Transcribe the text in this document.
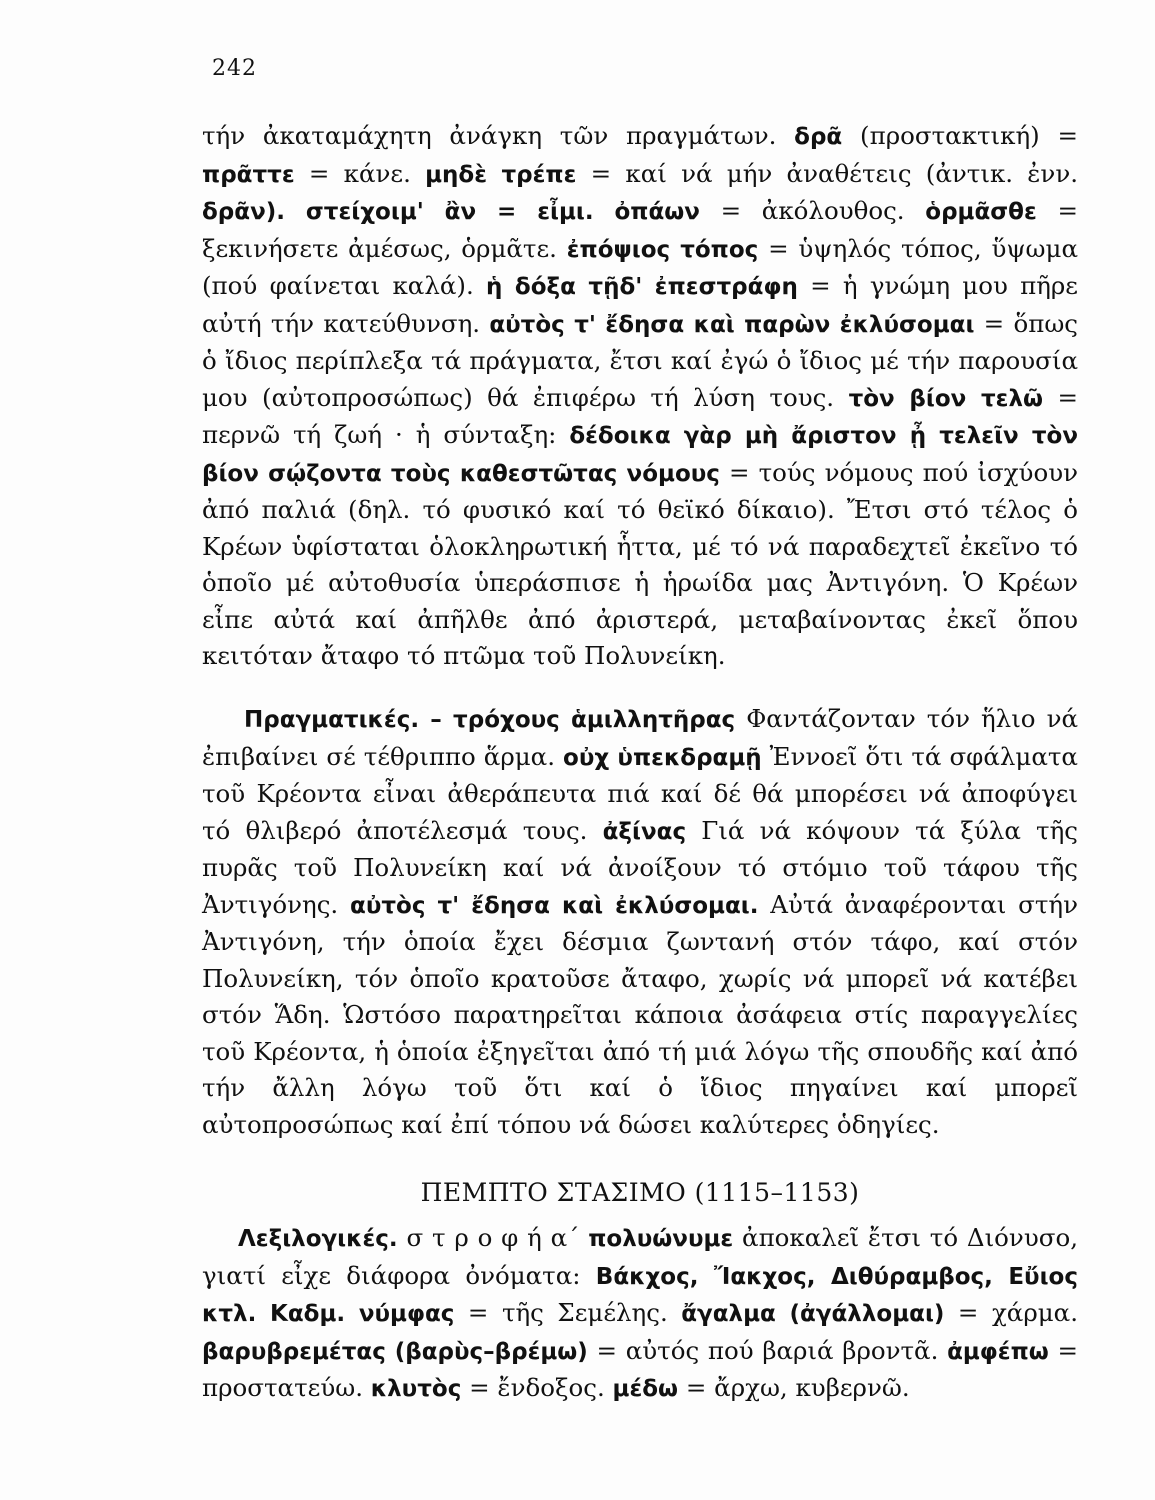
242
τήν ἀκαταμάχητη ἀνάγκη τῶν πραγμάτων. δρᾶ (προστακτική) = πρᾶττε = κάνε. μηδὲ τρέπε = καί νά μήν ἀναθέτεις (ἀντικ. ἐνν. δρᾶν). στείχοιμ' ἂν = εἶμι. ὀπάων = ἀκόλουθος. ὁρμᾶσθε = ξεκινήσετε ἀμέσως, ὁρμᾶτε. ἐπόψιος τόπος = ὑψηλός τόπος, ὕψωμα (πού φαίνεται καλά). ἡ δόξα τῇδ' ἐπεστράφη = ἡ γνώμη μου πῆρε αὐτή τήν κατεύθυνση. αὐτὸς τ' ἔδησα καὶ παρὼν ἐκλύσομαι = ὅπως ὁ ἴδιος περίπλεξα τά πράγματα, ἔτσι καί ἐγώ ὁ ἴδιος μέ τήν παρουσία μου (αὐτοπροσώπως) θά ἐπιφέρω τή λύση τους. τὸν βίον τελῶ = περνῶ τή ζωή · ἡ σύνταξη: δέδοικα γὰρ μὴ ἄριστον ᾖ τελεῖν τὸν βίον σῴζοντα τοὺς καθεστῶτας νόμους = τούς νόμους πού ἰσχύουν ἀπό παλιά (δηλ. τό φυσικό καί τό θεϊκό δίκαιο). Ἔτσι στό τέλος ὁ Κρέων ὑφίσταται ὁλοκληρωτική ἧττα, μέ τό νά παραδεχτεῖ ἐκεῖνο τό ὁποῖο μέ αὐτοθυσία ὑπεράσπισε ἡ ἡρωίδα μας Ἀντιγόνη. Ὁ Κρέων εἶπε αὐτά καί ἀπῆλθε ἀπό ἀριστερά, μεταβαίνοντας ἐκεῖ ὅπου κειτόταν ἄταφο τό πτῶμα τοῦ Πολυνείκη.
Πραγματικές. – τρόχους ἁμιλλητῆρας Φαντάζονταν τόν ἥλιο νά ἐπιβαίνει σέ τέθριππο ἅρμα. οὐχ ὑπεκδραμῇ Ἐννοεῖ ὅτι τά σφάλματα τοῦ Κρέοντα εἶναι ἀθεράπευτα πιά καί δέ θά μπορέσει νά ἀποφύγει τό θλιβερό ἀποτέλεσμά τους. ἀξίνας Γιά νά κόψουν τά ξύλα τῆς πυρᾶς τοῦ Πολυνείκη καί νά ἀνοίξουν τό στόμιο τοῦ τάφου τῆς Ἀντιγόνης. αὐτὸς τ' ἔδησα καὶ ἐκλύσομαι. Αὐτά ἀναφέρονται στήν Ἀντιγόνη, τήν ὁποία ἔχει δέσμια ζωντανή στόν τάφο, καί στόν Πολυνείκη, τόν ὁποῖο κρατοῦσε ἄταφο, χωρίς νά μπορεῖ νά κατέβει στόν Ἅδη. Ὡστόσο παρατηρεῖται κάποια ἀσάφεια στίς παραγγελίες τοῦ Κρέοντα, ἡ ὁποία ἐξηγεῖται ἀπό τή μιά λόγω τῆς σπουδῆς καί ἀπό τήν ἄλλη λόγω τοῦ ὅτι καί ὁ ἴδιος πηγαίνει καί μπορεῖ αὐτοπροσώπως καί ἐπί τόπου νά δώσει καλύτερες ὁδηγίες.
ΠΕΜΠΤΟ ΣΤΑΣΙΜΟ (1115–1153)
Λεξιλογικές. σ τ ρ ο φ ή α΄ πολυώνυμε ἀποκαλεῖ ἔτσι τό Διόνυσο, γιατί εἶχε διάφορα ὀνόματα: Βάκχος, Ἴακχος, Διθύραμβος, Εὔιος κτλ. Καδμ. νύμφας = τῆς Σεμέλης. ἄγαλμα (ἀγάλλομαι) = χάρμα. βαρυβρεμέτας (βαρὺς–βρέμω) = αὐτός πού βαριά βροντᾶ. ἀμφέπω = προστατεύω. κλυτὸς = ἔνδοξος. μέδω = ἄρχω, κυβερνῶ.
